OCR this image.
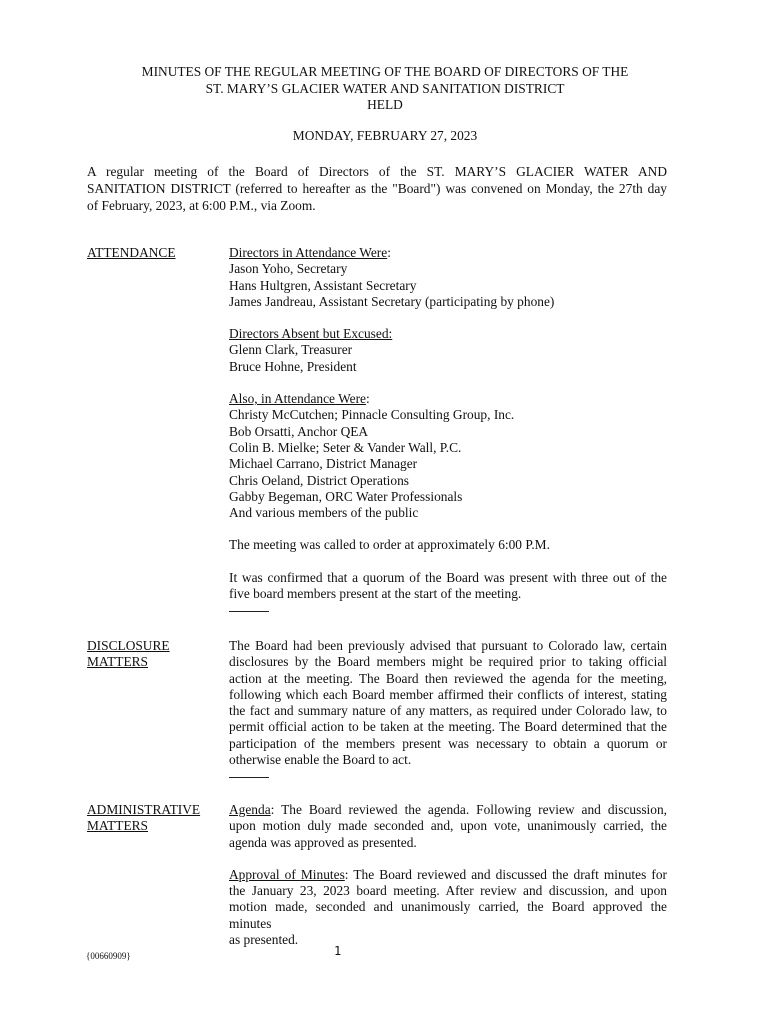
MINUTES OF THE REGULAR MEETING OF THE BOARD OF DIRECTORS OF THE
ST. MARY’S GLACIER WATER AND SANITATION DISTRICT
HELD
MONDAY, FEBRUARY 27, 2023
A regular meeting of the Board of Directors of the ST. MARY’S GLACIER WATER AND
SANITATION DISTRICT (referred to hereafter as the "Board") was convened on Monday, the 27th day
of February, 2023, at 6:00 P.M., via Zoom.
ATTENDANCE	Directors in Attendance Were:
Jason Yoho, Secretary
Hans Hultgren, Assistant Secretary
James Jandreau, Assistant Secretary (participating by phone)
Directors Absent but Excused:
Glenn Clark, Treasurer
Bruce Hohne, President
Also, in Attendance Were:
Christy McCutchen; Pinnacle Consulting Group, Inc.
Bob Orsatti, Anchor QEA
Colin B. Mielke; Seter & Vander Wall, P.C.
Michael Carrano, District Manager
Chris Oeland, District Operations
Gabby Begeman, ORC Water Professionals
And various members of the public
The meeting was called to order at approximately 6:00 P.M.
It was confirmed that a quorum of the Board was present with three out of the
five board members present at the start of the meeting.
DISCLOSURE
MATTERS
The Board had been previously advised that pursuant to Colorado law, certain
disclosures by the Board members might be required prior to taking official
action at the meeting. The Board then reviewed the agenda for the meeting,
following which each Board member affirmed their conflicts of interest, stating
the fact and summary nature of any matters, as required under Colorado law, to
permit official action to be taken at the meeting. The Board determined that the
participation of the members present was necessary to obtain a quorum or
otherwise enable the Board to act.
ADMINISTRATIVE
MATTERS
Agenda: The Board reviewed the agenda. Following review and discussion,
upon motion duly made seconded and, upon vote, unanimously carried, the
agenda was approved as presented.
Approval of Minutes: The Board reviewed and discussed the draft minutes for
the January 23, 2023 board meeting. After review and discussion, and upon
motion made, seconded and unanimously carried, the Board approved the minutes
as presented.
{00660909}	1
